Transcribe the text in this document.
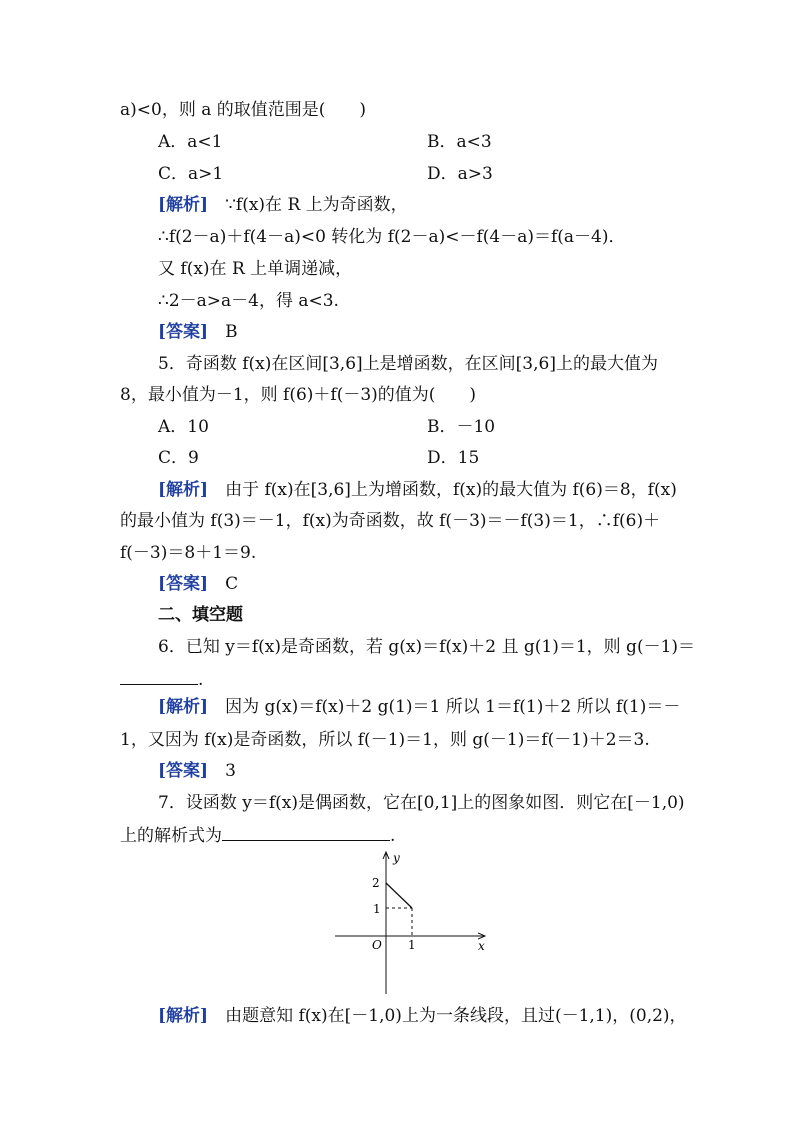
a)<0，则 a 的取值范围是(　　)
A．a<1	B．a<3
C．a>1	D．a>3
[解析]  ∵f(x)在 R 上为奇函数，
∴f(2－a)＋f(4－a)<0 转化为 f(2－a)<－f(4－a)＝f(a－4)．
又 f(x)在 R 上单调递减，
∴2－a>a－4，得 a<3.
[答案]  B
5．奇函数 f(x)在区间[3,6]上是增函数，在区间[3,6]上的最大值为
8，最小值为－1，则 f(6)＋f(－3)的值为(　　)
A．10	B．－10
C．9	D．15
[解析]  由于 f(x)在[3,6]上为增函数，f(x)的最大值为 f(6)＝8，f(x)
的最小值为 f(3)＝－1，f(x)为奇函数，故 f(－3)＝－f(3)＝1，∴f(6)＋
f(－3)＝8＋1＝9.
[答案]  C
二、填空题
6．已知 y＝f(x)是奇函数，若 g(x)＝f(x)＋2 且 g(1)＝1，则 g(－1)＝
.
[解析]  因为 g(x)＝f(x)＋2 g(1)＝1 所以 1＝f(1)＋2 所以 f(1)＝－
1，又因为 f(x)是奇函数，所以 f(－1)＝1，则 g(－1)＝f(－1)＋2＝3.
[答案]  3
7．设函数 y＝f(x)是偶函数，它在[0,1]上的图象如图．则它在[－1,0)
上的解析式为	.
y
x
O
2
1
1
[解析]  由题意知 f(x)在[－1,0)上为一条线段，且过(－1,1)，(0,2)，
